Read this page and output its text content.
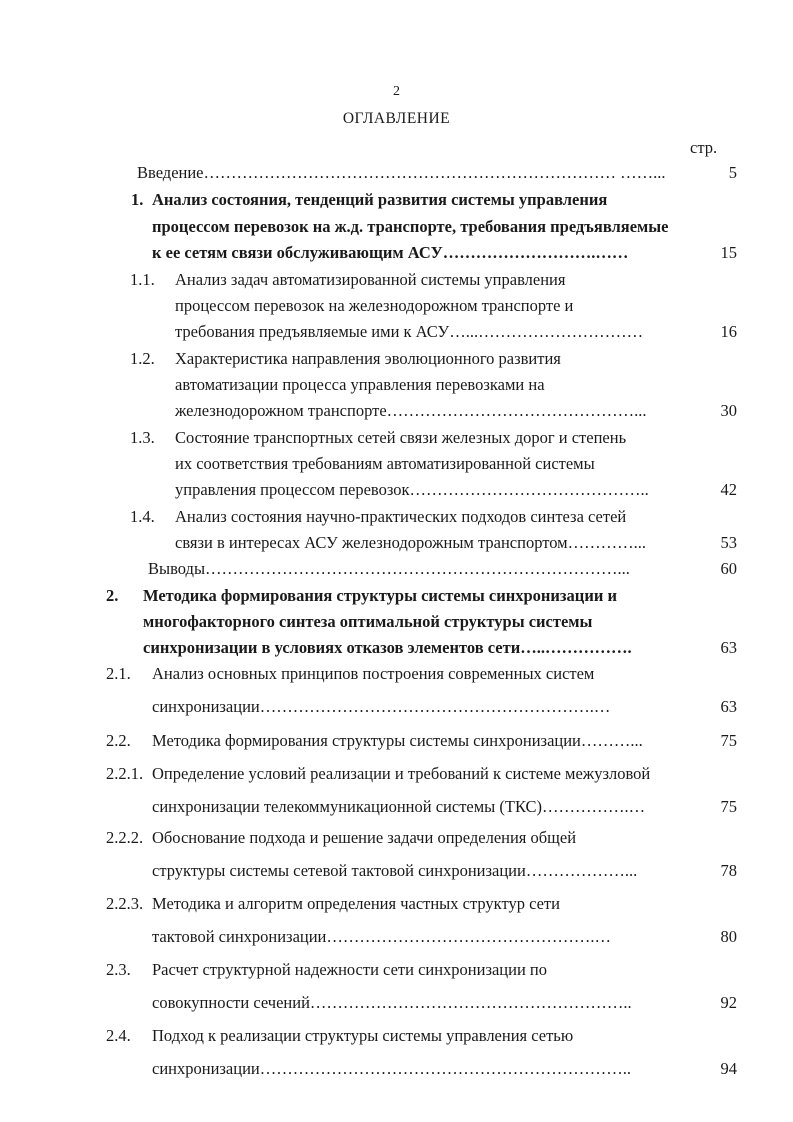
2
ОГЛАВЛЕНИЕ
стр.
Введение………………………………………………………………… ……...	5
1. Анализ состояния, тенденций развития системы управления
процессом перевозок на ж.д. транспорте, требования предъявляемые
к ее сетям связи обслуживающим АСУ……………………….……	15
1.1. Анализ задач автоматизированной системы управления
процессом перевозок на железнодорожном транспорте и
требования предъявляемые ими к АСУ…...…………………………	16
1.2. Характеристика направления эволюционного развития
автоматизации процесса управления перевозками на
железнодорожном транспорте………………………………………...	30
1.3. Состояние транспортных сетей связи железных дорог и степень
их соответствия требованиям автоматизированной системы
управления процессом перевозок……………………………………..	42
1.4. Анализ состояния научно-практических подходов синтеза сетей
связи в интересах АСУ железнодорожным транспортом…………...	53
Выводы…………………………………………………………………...	60
2. Методика формирования структуры системы синхронизации и
многофакторного синтеза оптимальной структуры системы
синхронизации в условиях отказов элементов сети…..…………….	63
2.1. Анализ основных принципов построения современных систем
синхронизации…………………………………………………….…	63
2.2. Методика формирования структуры системы синхронизации………...	75
2.2.1. Определение условий реализации и требований к системе межузловой
синхронизации телекоммуникационной системы (ТКС)…………….…	75
2.2.2. Обоснование подхода и решение задачи определения общей
структуры системы сетевой тактовой синхронизации………………...	78
2.2.3. Методика и алгоритм определения частных структур сети
тактовой синхронизации………………………………………….…	80
2.3. Расчет структурной надежности сети синхронизации по
совокупности сечений…………………………………………………..	92
2.4. Подход к реализации структуры системы управления сетью
синхронизации…………………………………………………………..	94
